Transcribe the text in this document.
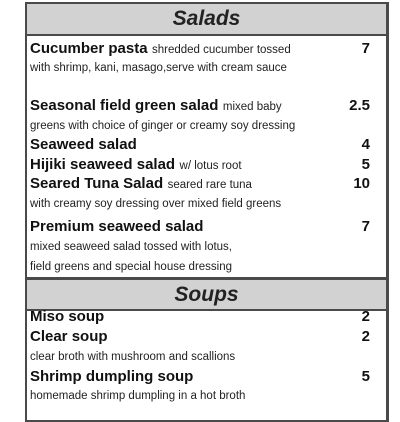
Salads
Cucumber pasta shredded cucumber tossed	7
with shrimp, kani, masago,serve with cream sauce
Seasonal field green salad mixed baby	2.5
greens with choice of ginger or creamy soy dressing
Seaweed salad	4
Hijiki seaweed salad w/ lotus root	5
Seared Tuna Salad seared rare tuna	10
with creamy soy dressing over mixed field greens
Premium seaweed salad	7
mixed seaweed salad tossed with lotus,
field greens and special house dressing
Soups
Miso soup	2
Clear soup	2
clear broth with mushroom and scallions
Shrimp dumpling soup	5
homemade shrimp dumpling in a hot broth
